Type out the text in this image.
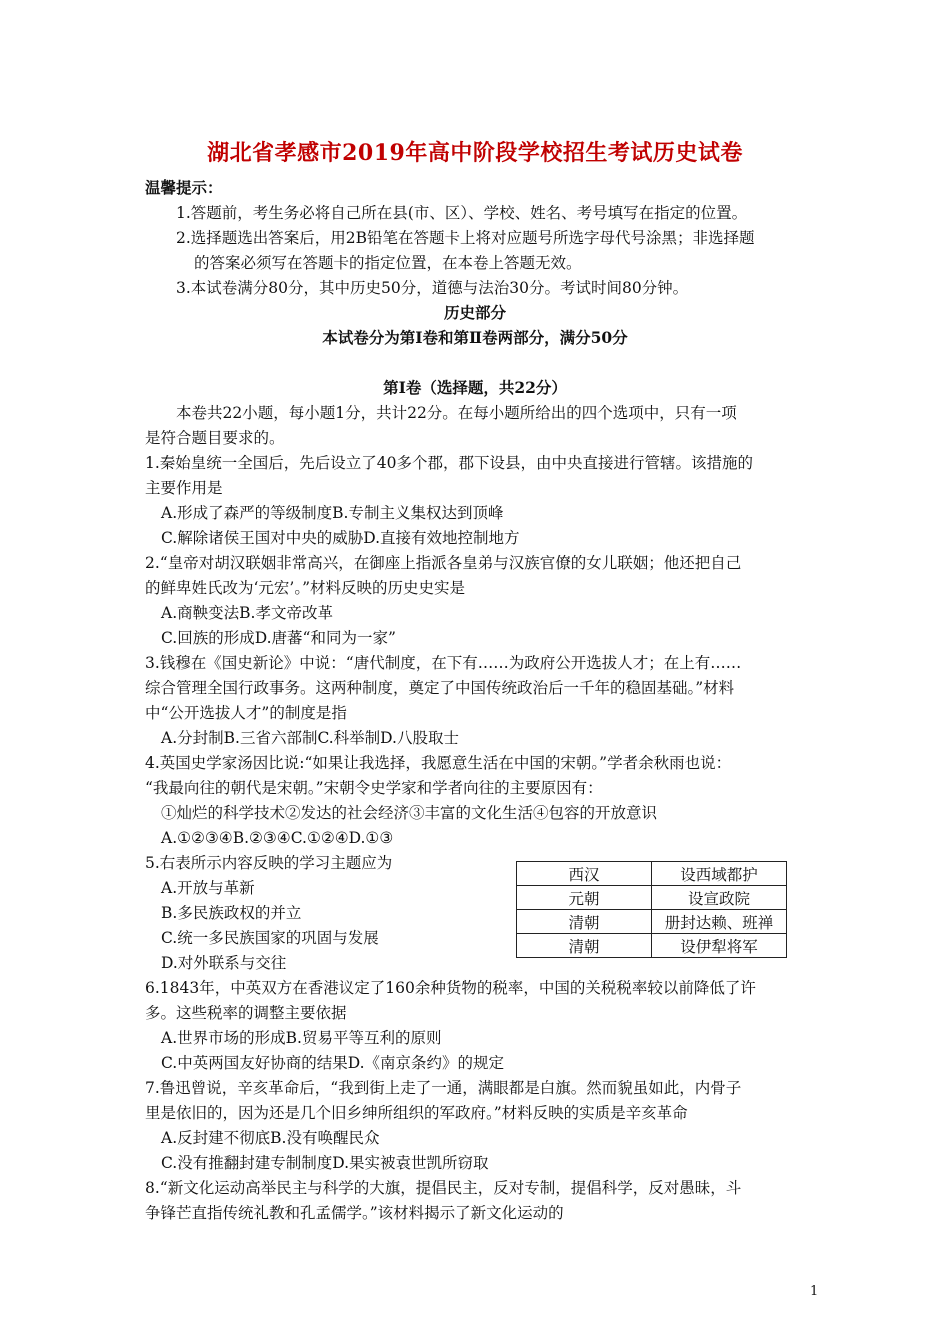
湖北省孝感市2019年高中阶段学校招生考试历史试卷
温馨提示：
1.答题前，考生务必将自己所在县(市、区）、学校、姓名、考号填写在指定的位置。
2.选择题选出答案后，用2B铅笔在答题卡上将对应题号所选字母代号涂黑；非选择题
的答案必须写在答题卡的指定位置，在本卷上答题无效。
3.本试卷满分80分，其中历史50分，道德与法治30分。考试时间80分钟。
历史部分
本试卷分为第Ⅰ卷和第Ⅱ卷两部分，满分50分
第Ⅰ卷（选择题，共22分）
本卷共22小题，每小题1分，共计22分。在每小题所给出的四个选项中，只有一项
是符合题目要求的。
1.秦始皇统一全国后，先后设立了40多个郡，郡下设县，由中央直接进行管辖。该措施的
主要作用是
A.形成了森严的等级制度B.专制主义集权达到顶峰
C.解除诸侯王国对中央的威胁D.直接有效地控制地方
2.“皇帝对胡汉联姻非常高兴，在御座上指派各皇弟与汉族官僚的女儿联姻；他还把自己
的鲜卑姓氏改为‘元宏’。”材料反映的历史史实是
A.商鞅变法B.孝文帝改革
C.回族的形成D.唐蕃“和同为一家”
3.钱穆在《国史新论》中说：“唐代制度，在下有……为政府公开选拔人才；在上有……
综合管理全国行政事务。这两种制度，奠定了中国传统政治后一千年的稳固基础。”材料
中“公开选拔人才”的制度是指
A.分封制B.三省六部制C.科举制D.八股取士
4.英国史学家汤因比说:“如果让我选择，我愿意生活在中国的宋朝。”学者余秋雨也说：
“我最向往的朝代是宋朝。”宋朝令史学家和学者向往的主要原因有：
①灿烂的科学技术②发达的社会经济③丰富的文化生活④包容的开放意识
A.①②③④B.②③④C.①②④D.①③
5.右表所示内容反映的学习主题应为
A.开放与革新
B.多民族政权的并立
C.统一多民族国家的巩固与发展
D.对外联系与交往
西汉	设西域都护
元朝	设宣政院
清朝	册封达赖、班禅
清朝	设伊犁将军
6.1843年，中英双方在香港议定了160余种货物的税率，中国的关税税率较以前降低了许
多。这些税率的调整主要依据
A.世界市场的形成B.贸易平等互利的原则
C.中英两国友好协商的结果D.《南京条约》的规定
7.鲁迅曾说，辛亥革命后，“我到街上走了一通，满眼都是白旗。然而貌虽如此，内骨子
里是依旧的，因为还是几个旧乡绅所组织的军政府。”材料反映的实质是辛亥革命
A.反封建不彻底B.没有唤醒民众
C.没有推翻封建专制制度D.果实被袁世凯所窃取
8.“新文化运动高举民主与科学的大旗，提倡民主，反对专制，提倡科学，反对愚昧，斗
争锋芒直指传统礼教和孔孟儒学。”该材料揭示了新文化运动的
1
